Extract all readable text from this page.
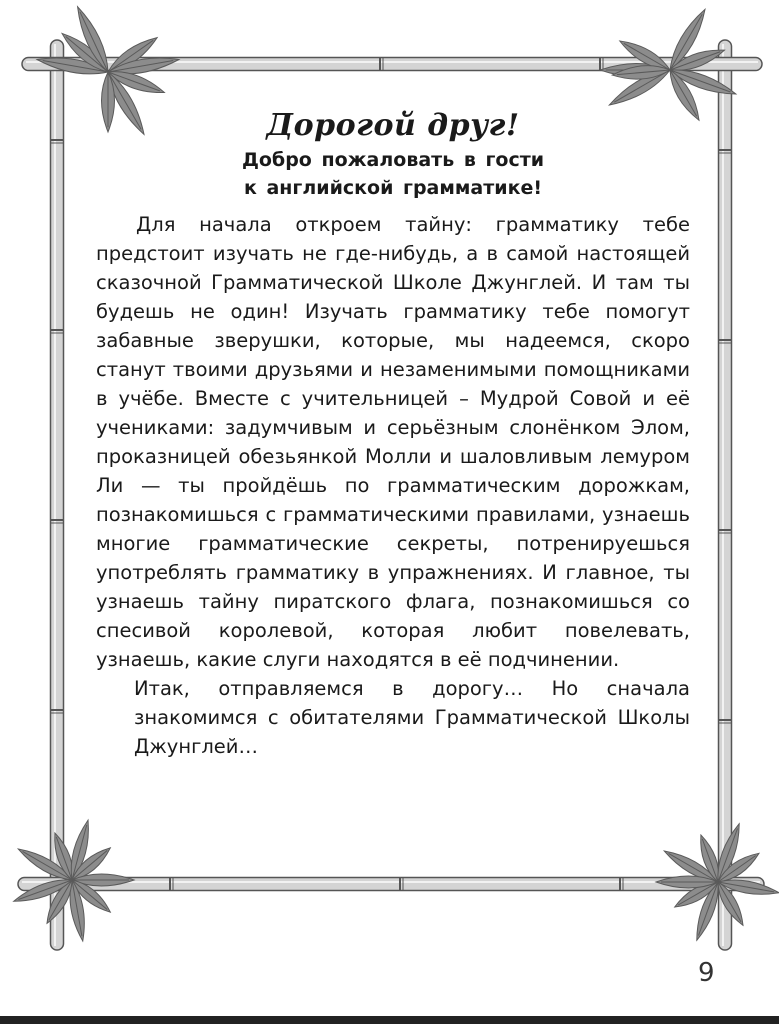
Дорогой друг!
Добро пожаловать в гости
к английской грамматике!

Для начала откроем тайну: грамматику тебе предстоит изучать не где-нибудь, а в самой настоящей сказочной Грамматической Школе Джунглей. И там ты будешь не один! Изучать грамматику тебе помогут забавные зверушки, которые, мы надеемся, скоро станут твоими друзьями и незаменимыми помощниками в учёбе. Вместе с учительницей – Мудрой Совой и её учениками: задумчивым и серьёзным слонёнком Элом, проказницей обезьянкой Молли и шаловливым лемуром Ли — ты пройдёшь по грамматическим дорожкам, познакомишься с грамматическими правилами, узнаешь многие грамматические секреты, потренируешься употреблять грамматику в упражнениях. И главное, ты узнаешь тайну пиратского флага, познакомишься со спесивой королевой, которая любит повелевать, узнаешь, какие слуги находятся в её подчинении.

Итак, отправляемся в дорогу… Но сначала знакомимся с обитателями Грамматической Школы Джунглей…

9
